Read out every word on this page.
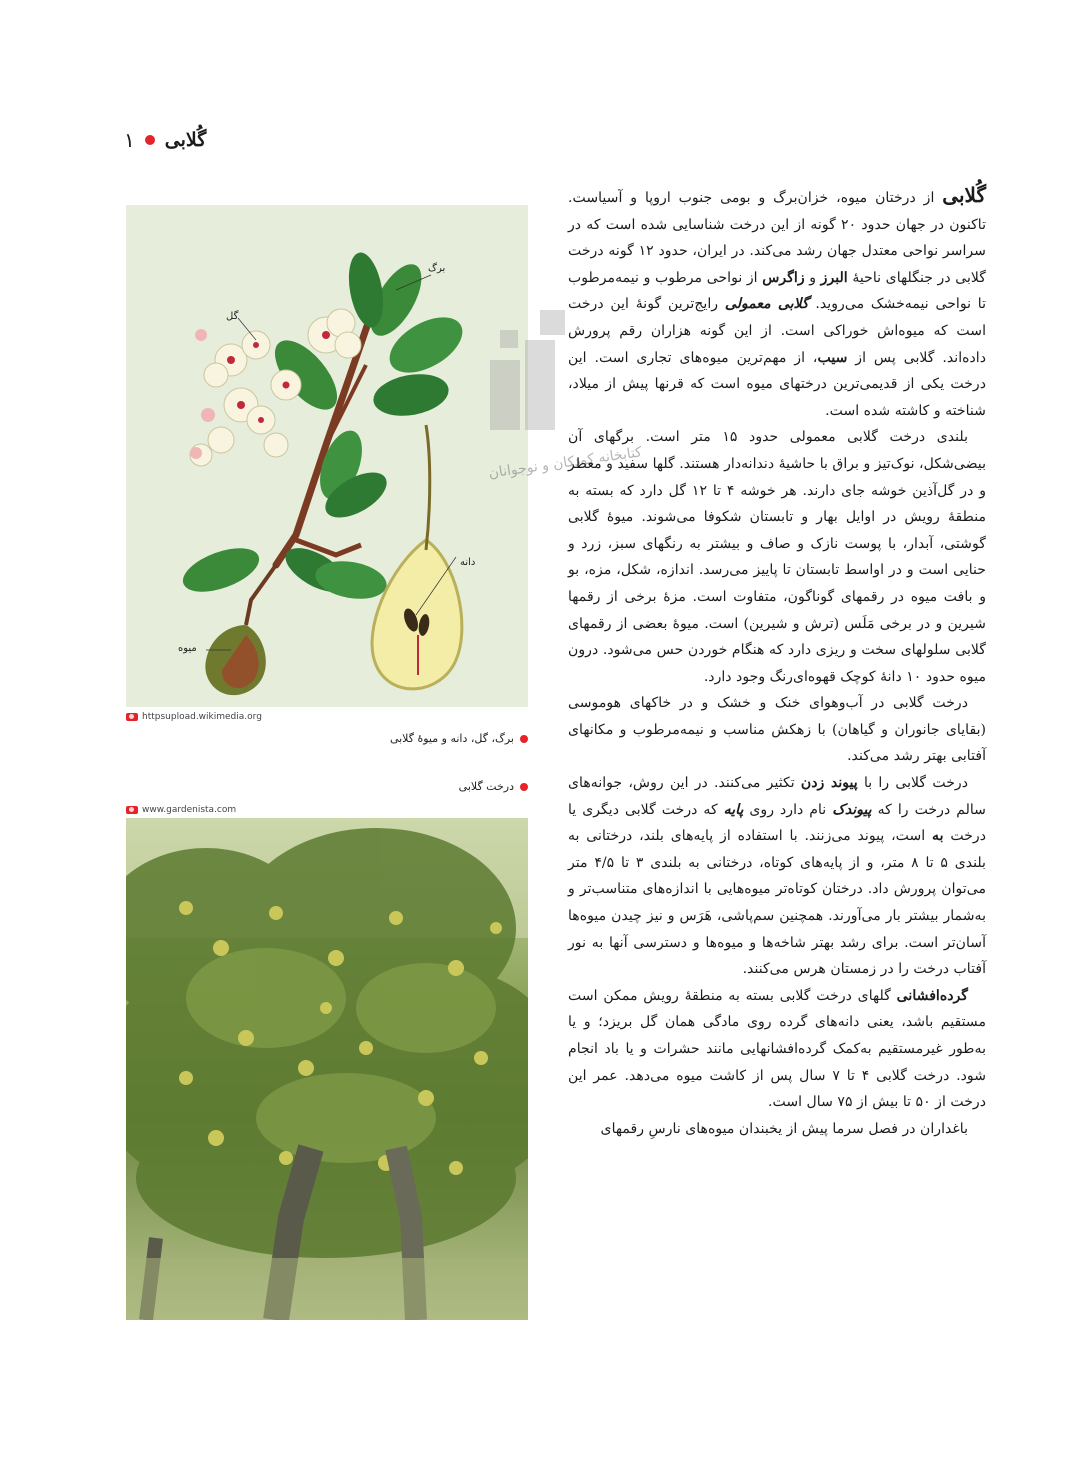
۱ گُلابی
برگ
گل
دانه
میوه
httpsupload.wikimedia.org
برگ، گل، دانه و میوهٔ گلابی
درخت گلابی
www.gardenista.com
کتابخانه کودکان و نوجوانان

گُلابی از درختان میوه، خزان‌برگ و بومی جنوب اروپا و آسیاست. تاکنون در جهان حدود ۲۰ گونه از این درخت شناسایی شده است که در سراسر نواحی معتدل جهان رشد می‌کند. در ایران، حدود ۱۲ گونه درخت گلابی در جنگلهای ناحیهٔ البرز و زاگرس از نواحی مرطوب و نیمه‌مرطوب تا نواحی نیمه‌خشک می‌روید. گلابی معمولی رایج‌ترین گونهٔ این درخت است که میوه‌اش خوراکی است. از این گونه هزاران رقم پرورش داده‌اند. گلابی پس از سیب، از مهم‌ترین میوه‌های تجاری است. این درخت یکی از قدیمی‌ترین درختهای میوه است که قرنها پیش از میلاد، شناخته و کاشته شده است.

بلندی درخت گلابی معمولی حدود ۱۵ متر است. برگهای آن بیضی‌شکل، نوک‌تیز و براق با حاشیهٔ دندانه‌دار هستند. گلها سفید و معطر و در گل‌آذین خوشه جای دارند. هر خوشه ۴ تا ۱۲ گل دارد که بسته به منطقهٔ رویش در اوایل بهار و تابستان شکوفا می‌شوند. میوهٔ گلابی گوشتی، آبدار، با پوست نازک و صاف و بیشتر به رنگهای سبز، زرد و حنایی است و در اواسط تابستان تا پاییز می‌رسد. اندازه، شکل، مزه، بو و بافت میوه در رقمهای گوناگون، متفاوت است. مزهٔ برخی از رقمها شیرین و در برخی مَلَس (ترش و شیرین) است. میوهٔ بعضی از رقمهای گلابی سلولهای سخت و ریزی دارد که هنگام خوردن حس می‌شود. درون میوه حدود ۱۰ دانهٔ کوچک قهوه‌ای‌رنگ وجود دارد.

درخت گلابی در آب‌وهوای خنک و خشک و در خاکهای هوموسی (بقایای جانوران و گیاهان) با زهکش مناسب و نیمه‌مرطوب و مکانهای آفتابی بهتر رشد می‌کند.

درخت گلابی را با پیوند زدن تکثیر می‌کنند. در این روش، جوانه‌های سالم درخت را که پیوندک نام دارد روی پایه که درخت گلابی دیگری یا درخت به است، پیوند می‌زنند. با استفاده از پایه‌های بلند، درختانی به بلندی ۵ تا ۸ متر، و از پایه‌های کوتاه، درختانی به بلندی ۳ تا ۴/۵ متر می‌توان پرورش داد. درختان کوتاه‌تر میوه‌هایی با اندازه‌های متناسب‌تر و به‌شمار بیشتر بار می‌آورند. همچنین سم‌پاشی، هَرَس و نیز چیدن میوه‌ها آسان‌تر است. برای رشد بهتر شاخه‌ها و میوه‌ها و دسترسی آنها به نور آفتاب درخت را در زمستان هرس می‌کنند.

گرده‌افشانی گلهای درخت گلابی بسته به منطقهٔ رویش ممکن است مستقیم باشد، یعنی دانه‌های گرده روی مادگی همان گل بریزد؛ و یا به‌طور غیرمستقیم به‌کمک گرده‌افشانهایی مانند حشرات و یا باد انجام شود. درخت گلابی ۴ تا ۷ سال پس از کاشت میوه می‌دهد. عمر این درخت از ۵۰ تا بیش از ۷۵ سال است.

باغداران در فصل سرما پیش از یخبندان میوه‌های نارسِ رقمهای
